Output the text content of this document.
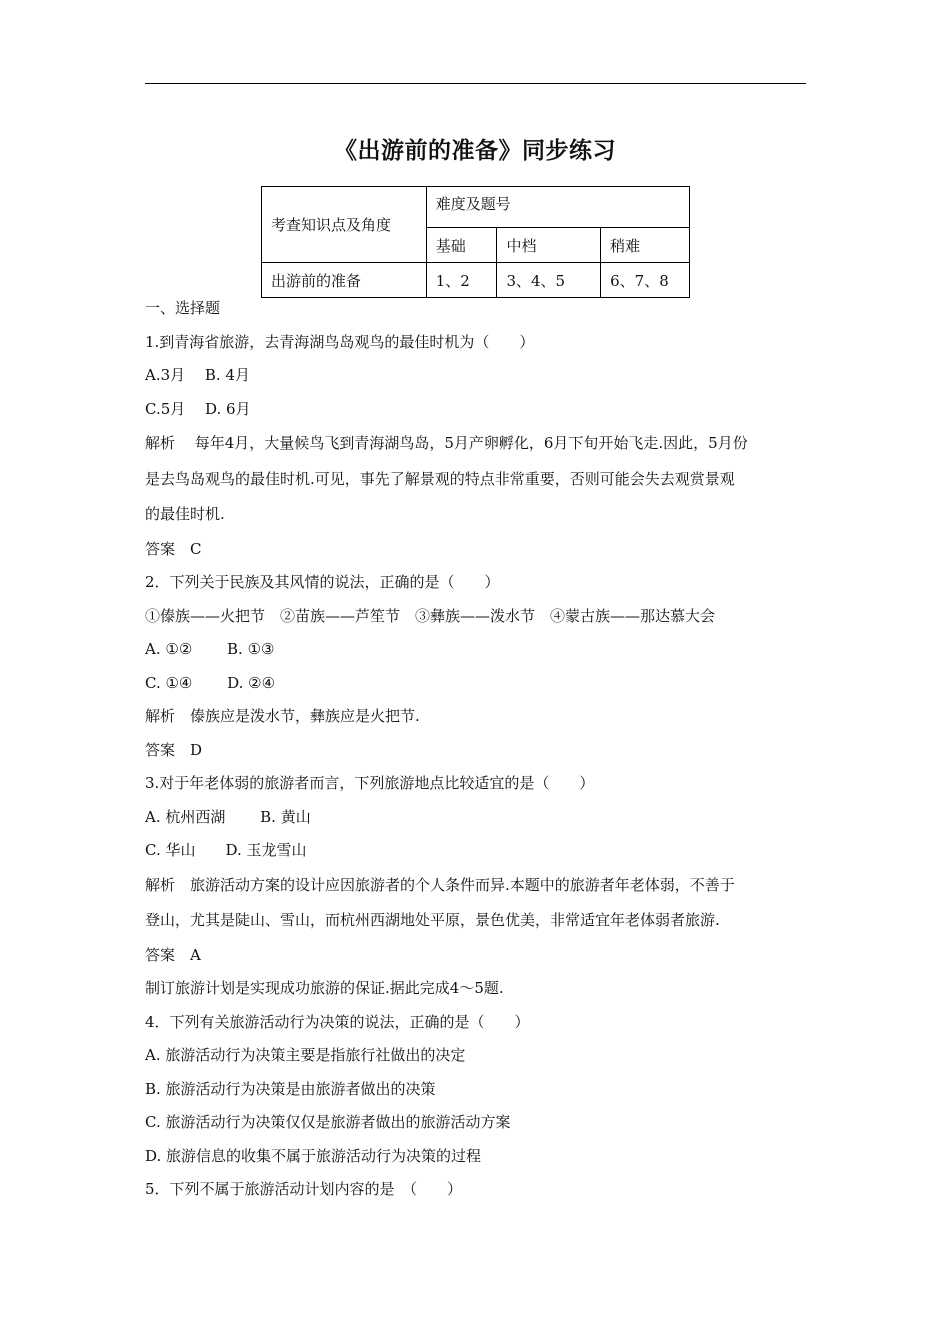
《出游前的准备》同步练习
考查知识点及角度	难度及题号		
	基础	中档	稍难
出游前的准备	1、2	3、4、5	6、7、8
一、选择题
1.到青海省旅游，去青海湖鸟岛观鸟的最佳时机为（　　）
A.3月　 B. 4月
C.5月　 D. 6月
解析　 每年4月，大量候鸟飞到青海湖鸟岛，5月产卵孵化，6月下旬开始飞走.因此，5月份
是去鸟岛观鸟的最佳时机.可见，事先了解景观的特点非常重要，否则可能会失去观赏景观
的最佳时机.
答案　C
2．下列关于民族及其风情的说法，正确的是（　　）
①傣族——火把节　②苗族——芦笙节　③彝族——泼水节　④蒙古族——那达慕大会
A. ①②　　 B. ①③
C. ①④　　 D. ②④
解析　傣族应是泼水节，彝族应是火把节.
答案　D
3.对于年老体弱的旅游者而言，下列旅游地点比较适宜的是（　　）
A. 杭州西湖　　 B. 黄山
C. 华山　　D. 玉龙雪山
解析　旅游活动方案的设计应因旅游者的个人条件而异.本题中的旅游者年老体弱，不善于
登山，尤其是陡山、雪山，而杭州西湖地处平原，景色优美，非常适宜年老体弱者旅游.
答案　A
制订旅游计划是实现成功旅游的保证.据此完成4～5题.
4．下列有关旅游活动行为决策的说法，正确的是（　　）
A. 旅游活动行为决策主要是指旅行社做出的决定
B. 旅游活动行为决策是由旅游者做出的决策
C. 旅游活动行为决策仅仅是旅游者做出的旅游活动方案
D. 旅游信息的收集不属于旅游活动行为决策的过程
5．下列不属于旅游活动计划内容的是　（　　）
